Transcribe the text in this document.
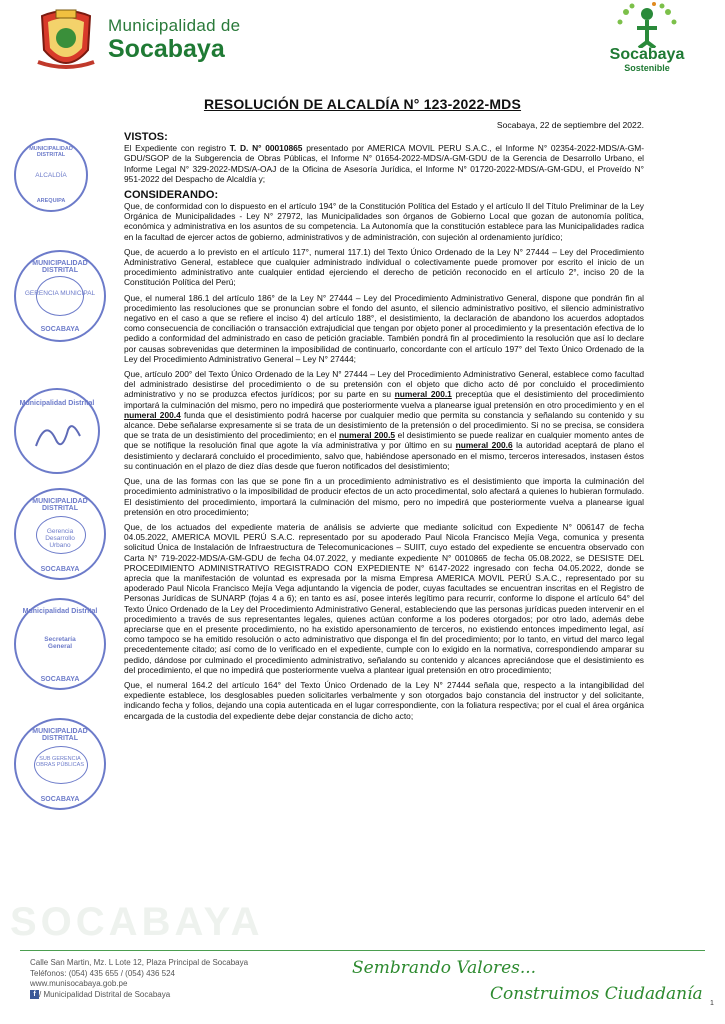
SOCABAYA
Municipalidad de
Socabaya	Socabaya
Sostenible
RESOLUCIÓN DE ALCALDÍA N° 123-2022-MDS
MUNICIPALIDAD DISTRITAL
ALCALDÍA
AREQUIPA
MUNICIPALIDAD DISTRITAL
GERENCIA MUNICIPAL
SOCABAYA
Municipalidad Distrital
MUNICIPALIDAD DISTRITAL
Gerencia Desarrollo Urbano
SOCABAYA
Municipalidad Distrital
Secretaría General
SOCABAYA
MUNICIPALIDAD DISTRITAL
SUB GERENCIA OBRAS PÚBLICAS
SOCABAYA
Socabaya, 22 de septiembre del 2022.
VISTOS:
El Expediente con registro T. D. N° 00010865 presentado por AMERICA MOVIL PERU S.A.C., el Informe N° 02354-2022-MDS/A-GM-GDU/SGOP de la Subgerencia de Obras Públicas, el Informe N° 01654-2022-MDS/A-GM-GDU de la Gerencia de Desarrollo Urbano, el Informe Legal N° 329-2022-MDS/A-OAJ de la Oficina de Asesoría Jurídica, el Informe N° 01720-2022-MDS/A-GM-GDU, el Proveído N° 951-2022 del Despacho de Alcaldía y;
CONSIDERANDO:
Que, de conformidad con lo dispuesto en el artículo 194° de la Constitución Política del Estado y el artículo II del Título Preliminar de la Ley Orgánica de Municipalidades - Ley N° 27972, las Municipalidades son órganos de Gobierno Local que gozan de autonomía política, económica y administrativa en los asuntos de su competencia. La Autonomía que la constitución establece para las Municipalidades radica en la facultad de ejercer actos de gobierno, administrativos y de administración, con sujeción al ordenamiento jurídico;
Que, de acuerdo a lo previsto en el artículo 117°, numeral 117.1) del Texto Único Ordenado de la Ley N° 27444 – Ley del Procedimiento Administrativo General, establece que cualquier administrado individual o colectivamente puede promover por escrito el inicio de un procedimiento administrativo ante cualquier entidad ejerciendo el derecho de petición reconocido en el artículo 2°, inciso 20 de la Constitución Política del Perú;
Que, el numeral 186.1 del artículo 186° de la Ley N° 27444 – Ley del Procedimiento Administrativo General, dispone que pondrán fin al procedimiento las resoluciones que se pronuncian sobre el fondo del asunto, el silencio administrativo positivo, el silencio administrativo negativo en el caso a que se refiere el inciso 4) del artículo 188°, el desistimiento, la declaración de abandono los acuerdos adoptados como consecuencia de conciliación o transacción extrajudicial que tengan por objeto poner al procedimiento y la presentación efectiva de lo pedido a conformidad del administrado en caso de petición graciable. También pondrá fin al procedimiento la resolución que así lo declare por causas sobrevenidas que determinen la imposibilidad de continuarlo, concordante con el artículo 197° del Texto Único Ordenado de la Ley del Procedimiento Administrativo General – Ley N° 27444;
Que, artículo 200° del Texto Único Ordenado de la Ley N° 27444 – Ley del Procedimiento Administrativo General, establece como facultad del administrado desistirse del procedimiento o de su pretensión con el objeto que dicho acto dé por concluido el procedimiento administrativo y no se produzca efectos jurídicos; por su parte en su numeral 200.1 preceptúa que el desistimiento del procedimiento importará la culminación del mismo, pero no impedirá que posteriormente vuelva a planearse igual pretensión en otro procedimiento y en el numeral 200.4 funda que el desistimiento podrá hacerse por cualquier medio que permita su constancia y señalando su contenido y su alcance. Debe señalarse expresamente si se trata de un desistimiento de la pretensión o del procedimiento. Si no se precisa, se considera que se trata de un desistimiento del procedimiento; en el numeral 200.5 el desistimiento se puede realizar en cualquier momento antes de que se notifique la resolución final que agote la vía administrativa y por último en su numeral 200.6 la autoridad aceptará de plano el desistimiento y declarará concluido el procedimiento, salvo que, habiéndose apersonado en el mismo, terceros interesados, instasen éstos su continuación en el plazo de diez días desde que fueron notificados del desistimiento;
Que, una de las formas con las que se pone fin a un procedimiento administrativo es el desistimiento que importa la culminación del procedimiento administrativo o la imposibilidad de producir efectos de un acto procedimental, solo afectará a quienes lo hubieran formulado. El desistimiento del procedimiento, importará la culminación del mismo, pero no impedirá que posteriormente vuelva a planearse igual pretensión en otro procedimiento;
Que, de los actuados del expediente materia de análisis se advierte que mediante solicitud con Expediente N° 006147 de fecha 04.05.2022, AMERICA MOVIL PERÚ S.A.C. representado por su apoderado Paul Nicola Francisco Mejía Vega, comunica y presenta solicitud Única de Instalación de Infraestructura de Telecomunicaciones – SUIIT, cuyo estado del expediente se encuentra observado con Carta N° 719-2022-MDS/A-GM-GDU de fecha 04.07.2022, y mediante expediente N° 0010865 de fecha 05.08.2022, se DESISTE DEL PROCEDIMIENTO ADMINISTRATIVO REGISTRADO CON EXPEDIENTE N° 6147-2022 ingresado con fecha 04.05.2022, donde se aprecia que la manifestación de voluntad es expresada por la misma Empresa AMERICA MOVIL PERÚ S.A.C., representado por su apoderado Paul Nicola Francisco Mejía Vega adjuntando la vigencia de poder, cuyas facultades se encuentran inscritas en el Registro de Personas Jurídicas de SUNARP (fojas 4 a 6); en tanto es así, posee interés legítimo para recurrir, conforme lo dispone el artículo 64° del Texto Único Ordenado de la Ley del Procedimiento Administrativo General, estableciendo que las personas jurídicas pueden intervenir en el procedimiento a través de sus representantes legales, quienes actúan conforme a los poderes otorgados; por otro lado, además debe apreciarse que en el presente procedimiento, no ha existido apersonamiento de terceros, no existiendo entonces impedimento legal, así como tampoco se ha emitido resolución o acto administrativo que disponga el fin del procedimiento; por lo tanto, en virtud del marco legal precedentemente citado; así como de lo verificado en el expediente, cumple con lo exigido en la normativa, correspondiendo amparar su pedido, dándose por culminado el procedimiento administrativo, señalando su contenido y alcances apreciándose que el desistimiento es del procedimiento, el que no impedirá que posteriormente vuelva a plantear igual pretensión en otro procedimiento;
Que, el numeral 164.2 del artículo 164° del Texto Único Ordenado de la Ley N° 27444 señala que, respecto a la intangibilidad del expediente establece, los desglosables pueden solicitarles verbalmente y son otorgados bajo constancia del instructor y del solicitante, indicando fecha y folios, dejando una copia autenticada en el lugar correspondiente, con la foliatura respectiva; por el cual el área orgánica encargada de la custodia del expediente debe dejar constancia de dicho acto;
Calle San Martin, Mz. L Lote 12, Plaza Principal de Socabaya
Teléfonos: (054) 435 655 / (054) 436 524
www.munisocabaya.gob.pe
f / Municipalidad Distrital de Socabaya
Sembrando Valores...
Construimos Ciudadanía 1
